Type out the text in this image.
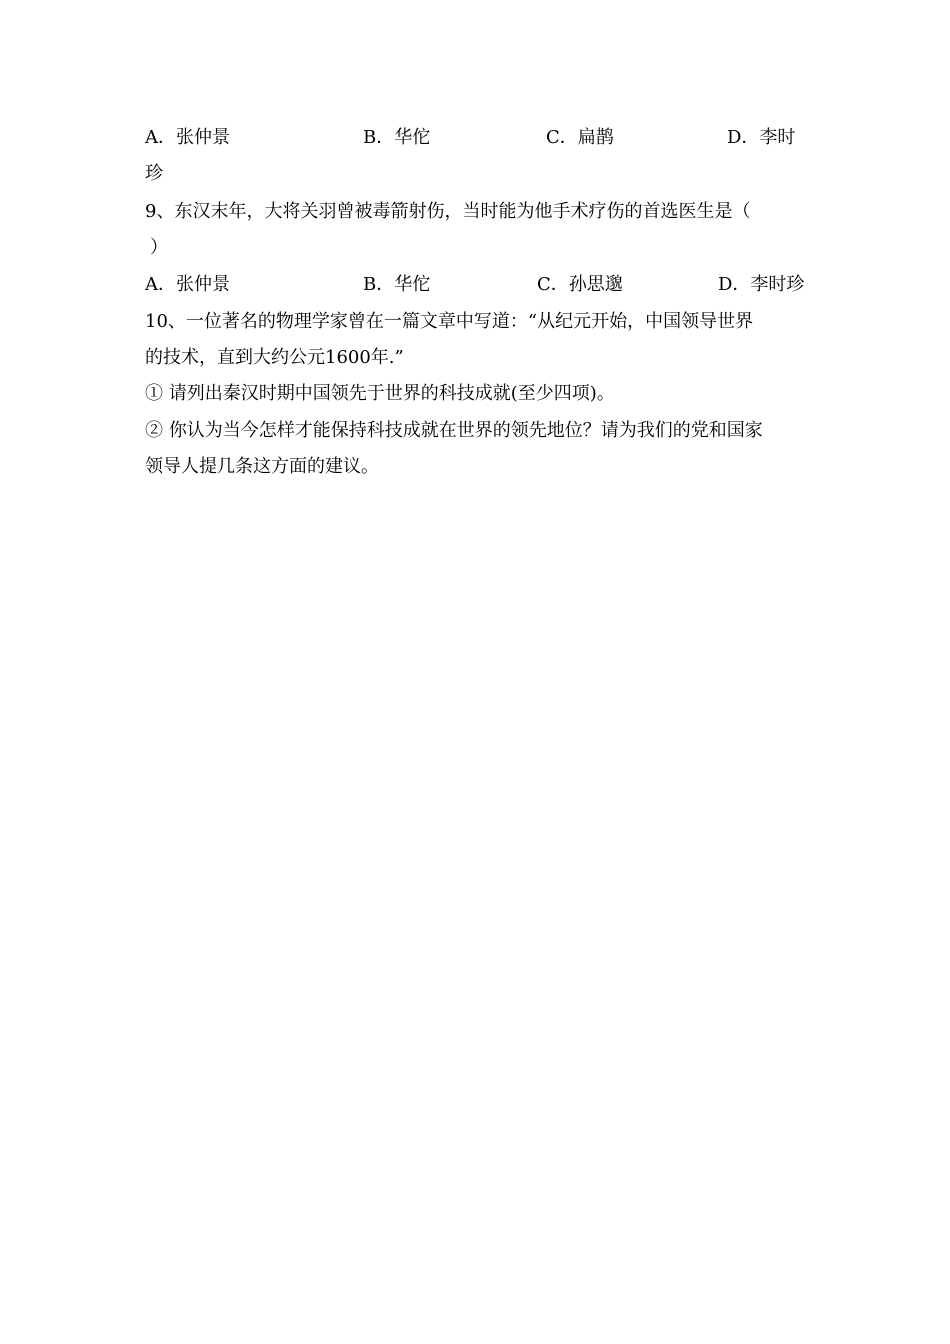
A．张仲景	B．华佗	C．扁鹊	D．李时
珍
9、东汉末年，大将关羽曾被毒箭射伤，当时能为他手术疗伤的首选医生是（
）
A．张仲景	B．华佗	C．孙思邈	D．李时珍
10、一位著名的物理学家曾在一篇文章中写道：“从纪元开始，中国领导世界
的技术，直到大约公元1600年.”
① 请列出秦汉时期中国领先于世界的科技成就(至少四项)。
② 你认为当今怎样才能保持科技成就在世界的领先地位？请为我们的党和国家
领导人提几条这方面的建议。
